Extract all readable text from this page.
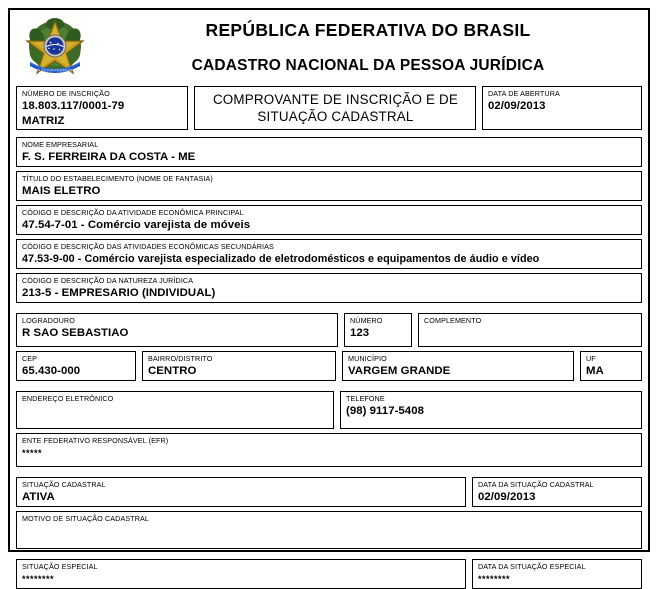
REPUBLICA FEDERATIVA
REPÚBLICA FEDERATIVA DO BRASIL
CADASTRO NACIONAL DA PESSOA JURÍDICA
NÚMERO DE INSCRIÇÃO
18.803.117/0001-79
MATRIZ
COMPROVANTE DE INSCRIÇÃO E DE
SITUAÇÃO CADASTRAL
DATA DE ABERTURA
02/09/2013
NOME EMPRESARIAL
F. S. FERREIRA DA COSTA - ME
TÍTULO DO ESTABELECIMENTO (NOME DE FANTASIA)
MAIS ELETRO
CÓDIGO E DESCRIÇÃO DA ATIVIDADE ECONÔMICA PRINCIPAL
47.54-7-01 - Comércio varejista de móveis
CÓDIGO E DESCRIÇÃO DAS ATIVIDADES ECONÔMICAS SECUNDÁRIAS
47.53-9-00 - Comércio varejista especializado de eletrodomésticos e equipamentos de áudio e vídeo
CÓDIGO E DESCRIÇÃO DA NATUREZA JURÍDICA
213-5 - EMPRESARIO (INDIVIDUAL)
LOGRADOURO
R SAO SEBASTIAO
NÚMERO
123
COMPLEMENTO
CEP
65.430-000
BAIRRO/DISTRITO
CENTRO
MUNICÍPIO
VARGEM GRANDE
UF
MA
ENDEREÇO ELETRÔNICO	TELEFONE
(98) 9117-5408
ENTE FEDERATIVO RESPONSÁVEL (EFR)
*****
SITUAÇÃO CADASTRAL
ATIVA
DATA DA SITUAÇÃO CADASTRAL
02/09/2013
MOTIVO DE SITUAÇÃO CADASTRAL
SITUAÇÃO ESPECIAL
********
DATA DA SITUAÇÃO ESPECIAL
********
